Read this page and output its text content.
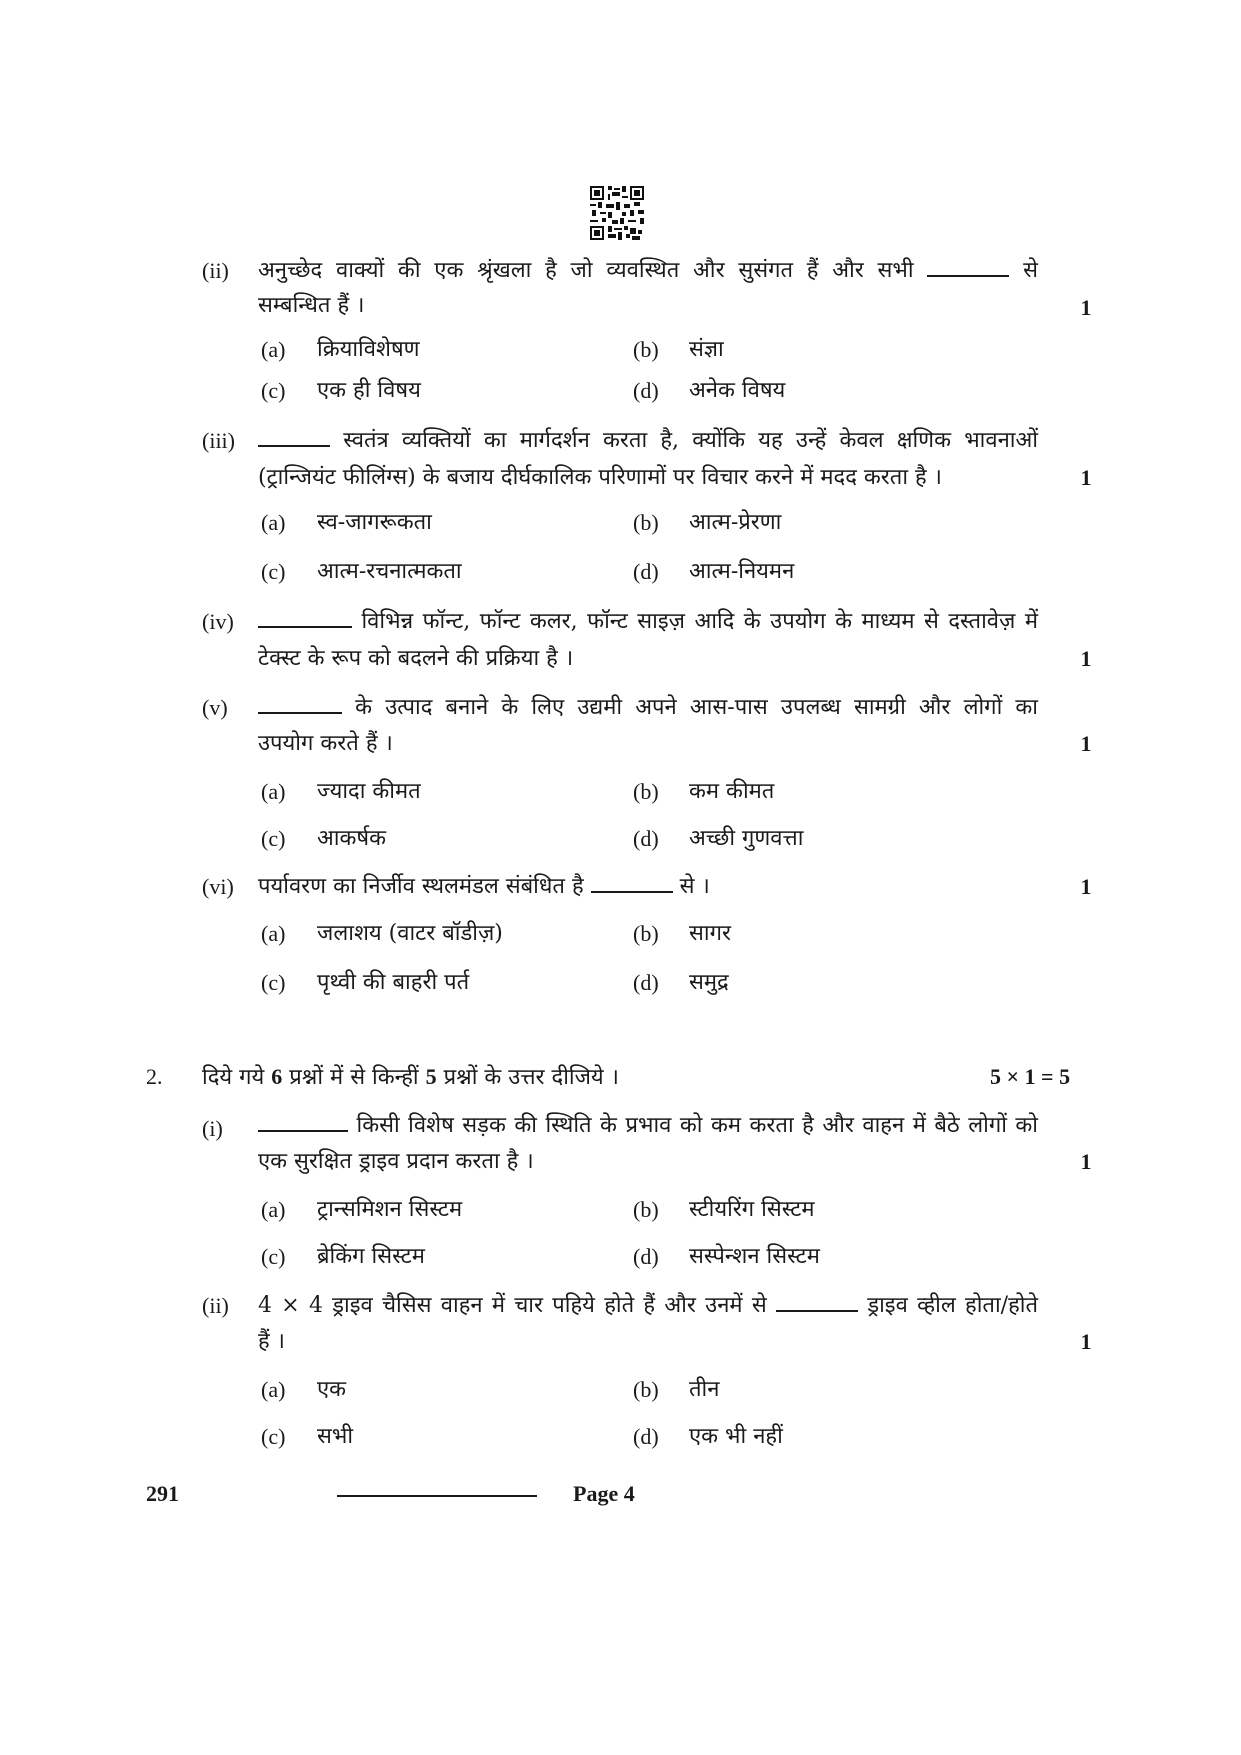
(ii) अनुच्छेद वाक्यों की एक श्रृंखला है जो व्यवस्थित और सुसंगत हैं और सभी	से
सम्बन्धित हैं ।	1
(a) क्रियाविशेषण	(b) संज्ञा
(c) एक ही विषय	(d) अनेक विषय
(iii)	स्वतंत्र व्यक्तियों का मार्गदर्शन करता है, क्योंकि यह उन्हें केवल क्षणिक भावनाओं
(ट्रान्जियंट फीलिंग्स) के बजाय दीर्घकालिक परिणामों पर विचार करने में मदद करता है ।	1
(a) स्व-जागरूकता	(b) आत्म-प्रेरणा
(c) आत्म-रचनात्मकता	(d) आत्म-नियमन
(iv)	विभिन्न फॉन्ट, फॉन्ट कलर, फॉन्ट साइज़ आदि के उपयोग के माध्यम से दस्तावेज़ में
टेक्स्ट के रूप को बदलने की प्रक्रिया है ।	1
(v)	के उत्पाद बनाने के लिए उद्यमी अपने आस-पास उपलब्ध सामग्री और लोगों का
उपयोग करते हैं ।	1
(a) ज्यादा कीमत	(b) कम कीमत
(c) आकर्षक	(d) अच्छी गुणवत्ता
(vi) पर्यावरण का निर्जीव स्थलमंडल संबंधित है	से ।	1
(a) जलाशय (वाटर बॉडीज़)	(b) सागर
(c) पृथ्वी की बाहरी पर्त	(d) समुद्र
2. दिये गये 6 प्रश्नों में से किन्हीं 5 प्रश्नों के उत्तर दीजिये ।	5 × 1 = 5
(i)	किसी विशेष सड़क की स्थिति के प्रभाव को कम करता है और वाहन में बैठे लोगों को
एक सुरक्षित ड्राइव प्रदान करता है ।	1
(a) ट्रान्समिशन सिस्टम	(b) स्टीयरिंग सिस्टम
(c) ब्रेकिंग सिस्टम	(d) सस्पेन्शन सिस्टम
(ii) 4 × 4 ड्राइव चैसिस वाहन में चार पहिये होते हैं और उनमें से	ड्राइव व्हील होता/होते
हैं ।	1
(a) एक	(b) तीन
(c) सभी	(d) एक भी नहीं
291	Page 4
